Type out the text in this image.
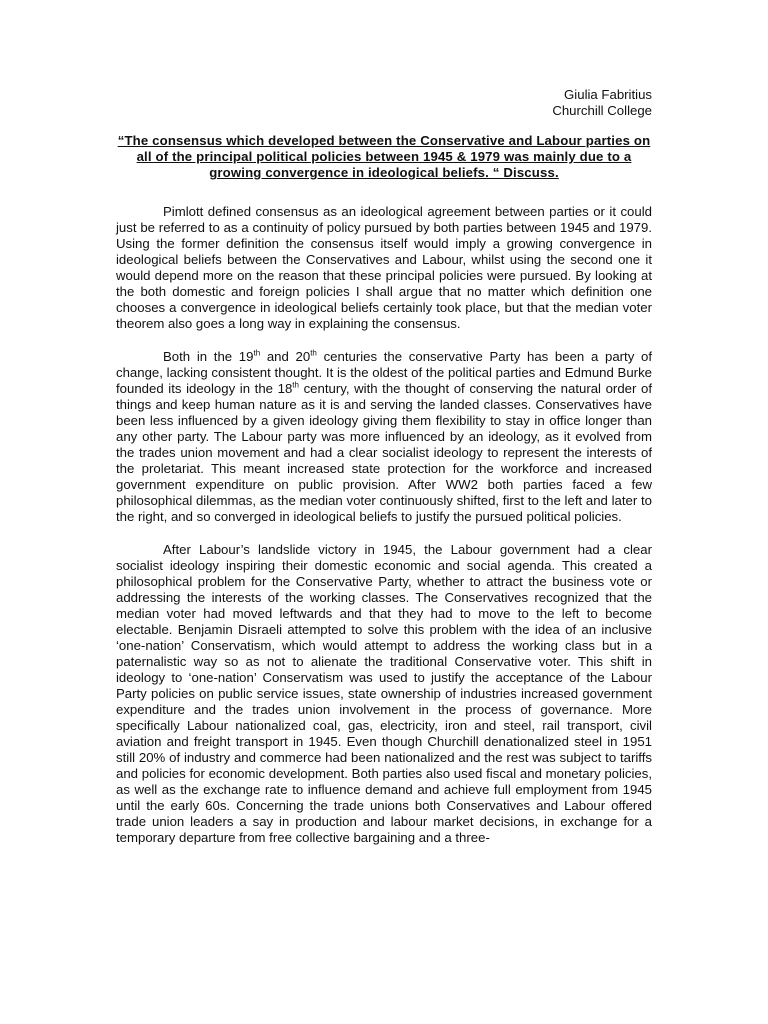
Giulia Fabritius
Churchill College
“The consensus which developed between the Conservative and Labour parties on all of the principal political policies between 1945 & 1979 was mainly due to a growing convergence in ideological beliefs. “ Discuss.

Pimlott defined consensus as an ideological agreement between parties or it could just be referred to as a continuity of policy pursued by both parties between 1945 and 1979. Using the former definition the consensus itself would imply a growing convergence in ideological beliefs between the Conservatives and Labour, whilst using the second one it would depend more on the reason that these principal policies were pursued. By looking at the both domestic and foreign policies I shall argue that no matter which definition one chooses a convergence in ideological beliefs certainly took place, but that the median voter theorem also goes a long way in explaining the consensus.

Both in the 19th and 20th centuries the conservative Party has been a party of change, lacking consistent thought. It is the oldest of the political parties and Edmund Burke founded its ideology in the 18th century, with the thought of conserving the natural order of things and keep human nature as it is and serving the landed classes. Conservatives have been less influenced by a given ideology giving them flexibility to stay in office longer than any other party. The Labour party was more influenced by an ideology, as it evolved from the trades union movement and had a clear socialist ideology to represent the interests of the proletariat. This meant increased state protection for the workforce and increased government expenditure on public provision. After WW2 both parties faced a few philosophical dilemmas, as the median voter continuously shifted, first to the left and later to the right, and so converged in ideological beliefs to justify the pursued political policies.

After Labour’s landslide victory in 1945, the Labour government had a clear socialist ideology inspiring their domestic economic and social agenda. This created a philosophical problem for the Conservative Party, whether to attract the business vote or addressing the interests of the working classes. The Conservatives recognized that the median voter had moved leftwards and that they had to move to the left to become electable. Benjamin Disraeli attempted to solve this problem with the idea of an inclusive ‘one-nation’ Conservatism, which would attempt to address the working class but in a paternalistic way so as not to alienate the traditional Conservative voter. This shift in ideology to ‘one-nation’ Conservatism was used to justify the acceptance of the Labour Party policies on public service issues, state ownership of industries increased government expenditure and the trades union involvement in the process of governance. More specifically Labour nationalized coal, gas, electricity, iron and steel, rail transport, civil aviation and freight transport in 1945. Even though Churchill denationalized steel in 1951 still 20% of industry and commerce had been nationalized and the rest was subject to tariffs and policies for economic development. Both parties also used fiscal and monetary policies, as well as the exchange rate to influence demand and achieve full employment from 1945 until the early 60s. Concerning the trade unions both Conservatives and Labour offered trade union leaders a say in production and labour market decisions, in exchange for a temporary departure from free collective bargaining and a three-
